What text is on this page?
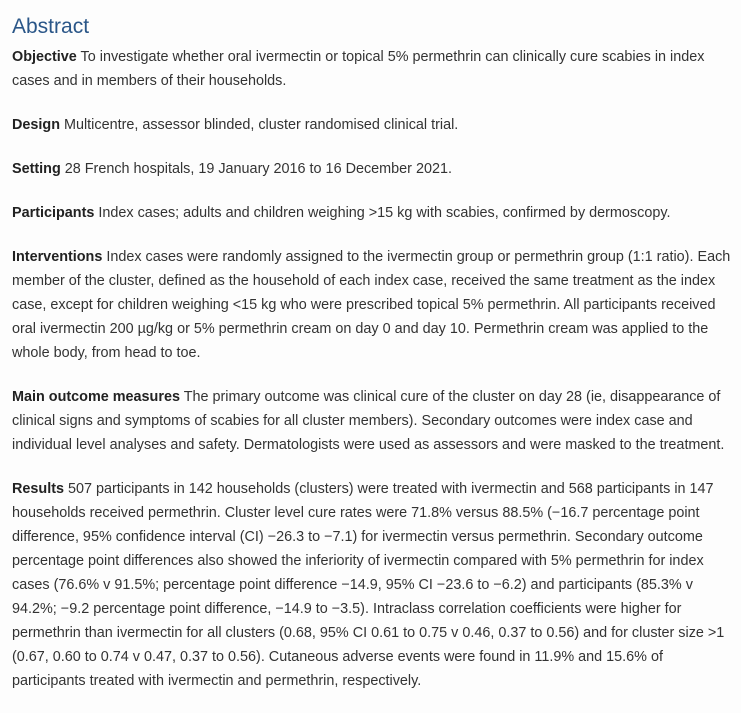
Abstract

Objective To investigate whether oral ivermectin or topical 5% permethrin can clinically cure scabies in index cases and in members of their households.

Design Multicentre, assessor blinded, cluster randomised clinical trial.

Setting 28 French hospitals, 19 January 2016 to 16 December 2021.

Participants Index cases; adults and children weighing >15 kg with scabies, confirmed by dermoscopy.

Interventions Index cases were randomly assigned to the ivermectin group or permethrin group (1:1 ratio). Each member of the cluster, defined as the household of each index case, received the same treatment as the index case, except for children weighing <15 kg who were prescribed topical 5% permethrin. All participants received oral ivermectin 200 µg/kg or 5% permethrin cream on day 0 and day 10. Permethrin cream was applied to the whole body, from head to toe.

Main outcome measures The primary outcome was clinical cure of the cluster on day 28 (ie, disappearance of clinical signs and symptoms of scabies for all cluster members). Secondary outcomes were index case and individual level analyses and safety. Dermatologists were used as assessors and were masked to the treatment.

Results 507 participants in 142 households (clusters) were treated with ivermectin and 568 participants in 147 households received permethrin. Cluster level cure rates were 71.8% versus 88.5% (−16.7 percentage point difference, 95% confidence interval (CI) −26.3 to −7.1) for ivermectin versus permethrin. Secondary outcome percentage point differences also showed the inferiority of ivermectin compared with 5% permethrin for index cases (76.6% v 91.5%; percentage point difference −14.9, 95% CI −23.6 to −6.2) and participants (85.3% v 94.2%; −9.2 percentage point difference, −14.9 to −3.5). Intraclass correlation coefficients were higher for permethrin than ivermectin for all clusters (0.68, 95% CI 0.61 to 0.75 v 0.46, 0.37 to 0.56) and for cluster size >1 (0.67, 0.60 to 0.74 v 0.47, 0.37 to 0.56). Cutaneous adverse events were found in 11.9% and 15.6% of participants treated with ivermectin and permethrin, respectively.
